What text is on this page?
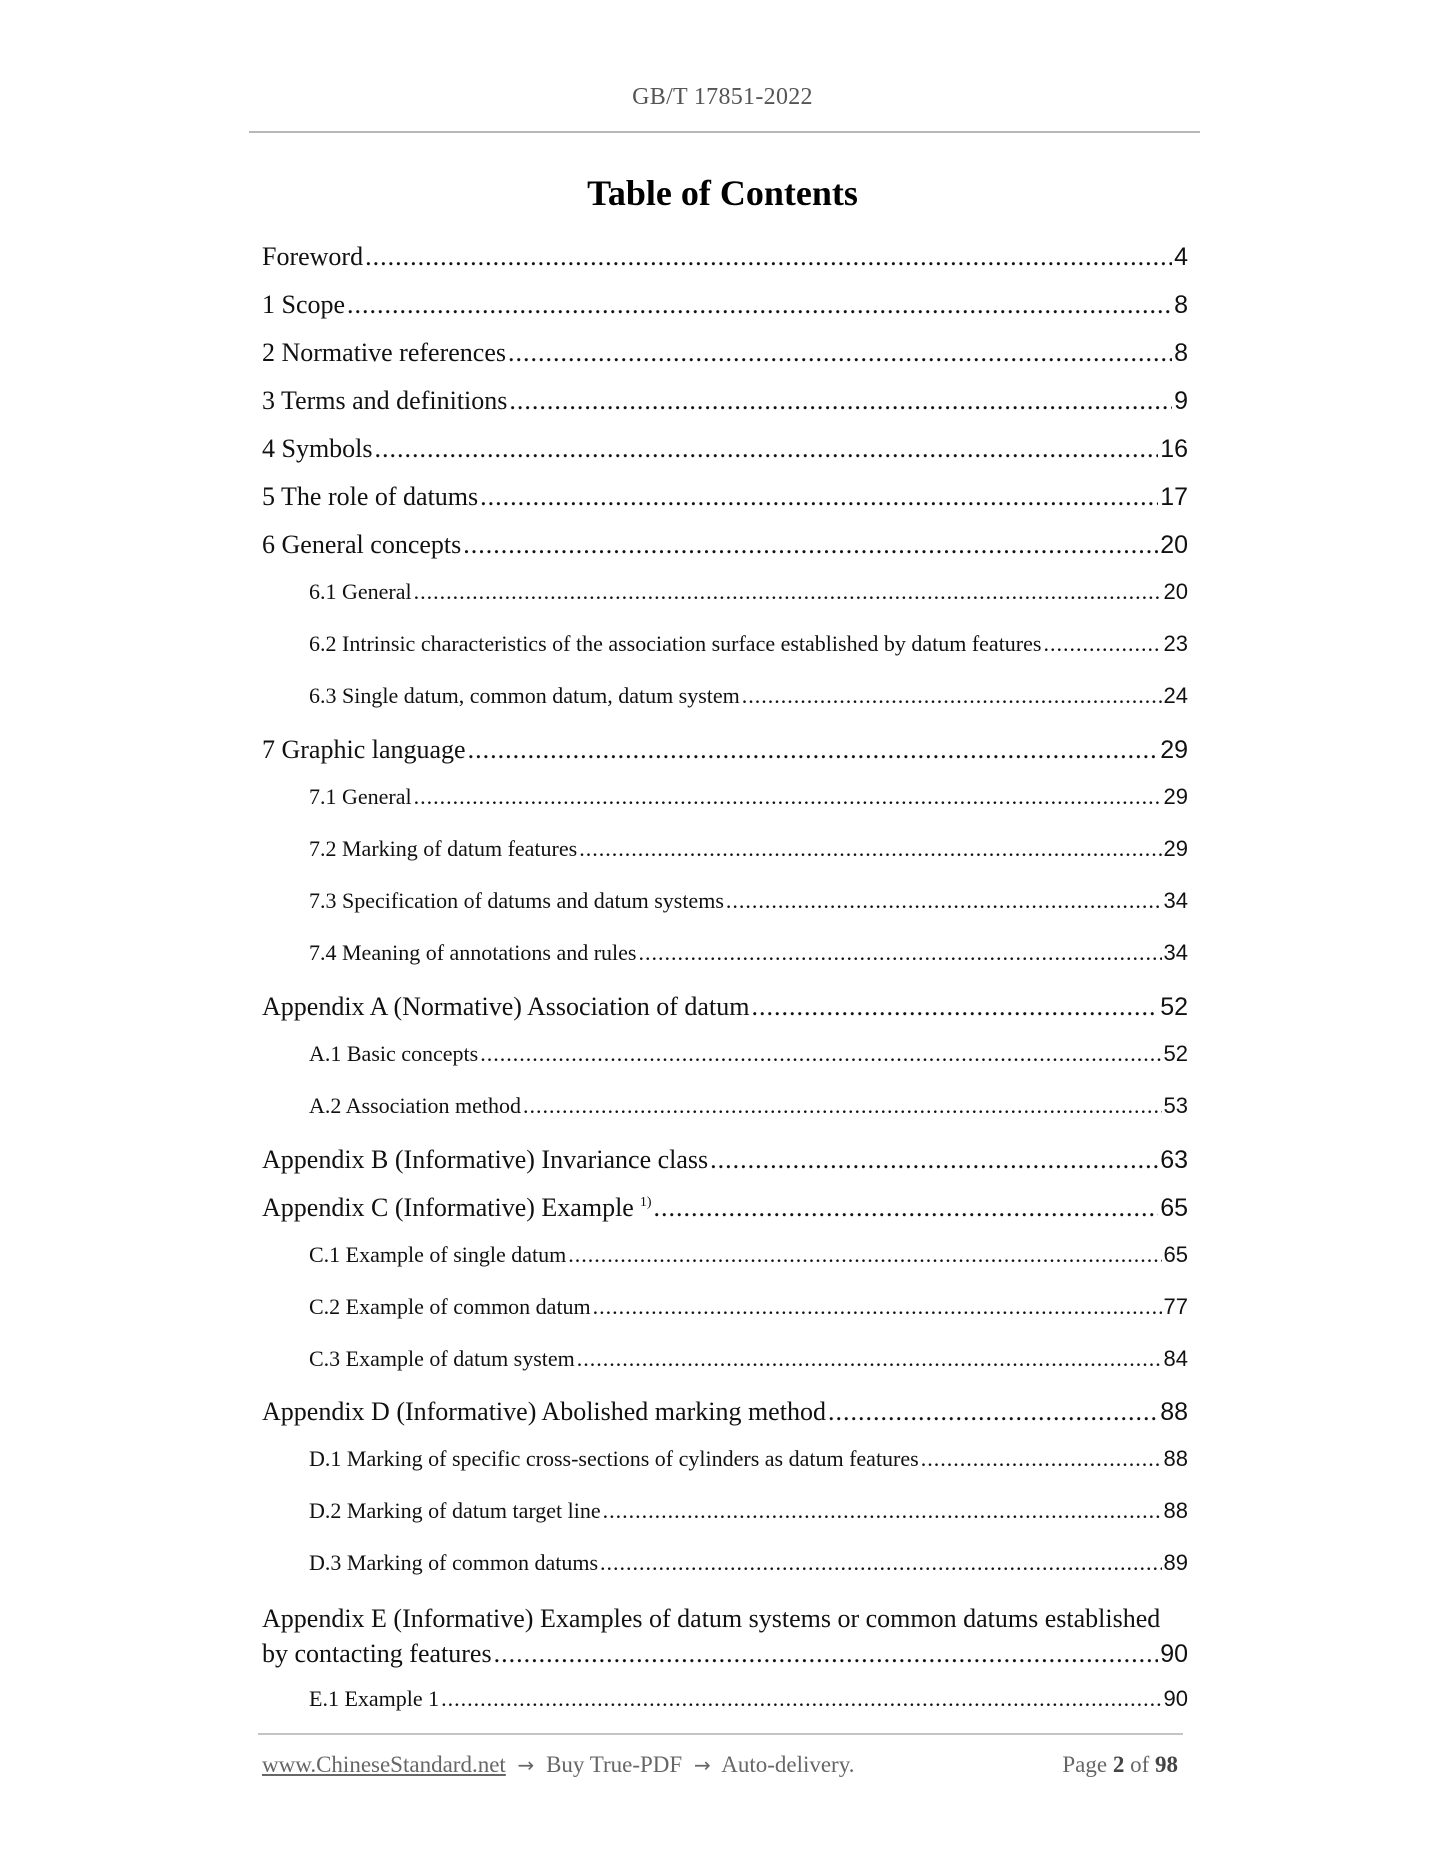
GB/T 17851-2022
Table of Contents
Foreword .....	4
1 Scope .....	8
2 Normative references .....	8
3 Terms and definitions .....	9
4 Symbols .....	16
5 The role of datums .....	17
6 General concepts .....	20
6.1 General .....	20
6.2 Intrinsic characteristics of the association surface established by datum features .....	23
6.3 Single datum, common datum, datum system .....	24
7 Graphic language .....	29
7.1 General .....	29
7.2 Marking of datum features .....	29
7.3 Specification of datums and datum systems .....	34
7.4 Meaning of annotations and rules .....	34
Appendix A (Normative) Association of datum .....	52
A.1 Basic concepts .....	52
A.2 Association method .....	53
Appendix B (Informative) Invariance class .....	63
Appendix C (Informative) Example $^{1)}$ .....	65
C.1 Example of single datum .....	65
C.2 Example of common datum .....	77
C.3 Example of datum system .....	84
Appendix D (Informative) Abolished marking method .....	88
D.1 Marking of specific cross-sections of cylinders as datum features .....	88
D.2 Marking of datum target line .....	88
D.3 Marking of common datums .....	89
Appendix E (Informative) Examples of datum systems or common datums established
by contacting features .....	90
E.1 Example 1 .....	90
www.ChineseStandard.net → Buy True-PDF → Auto-delivery.	Page 2 of 98
